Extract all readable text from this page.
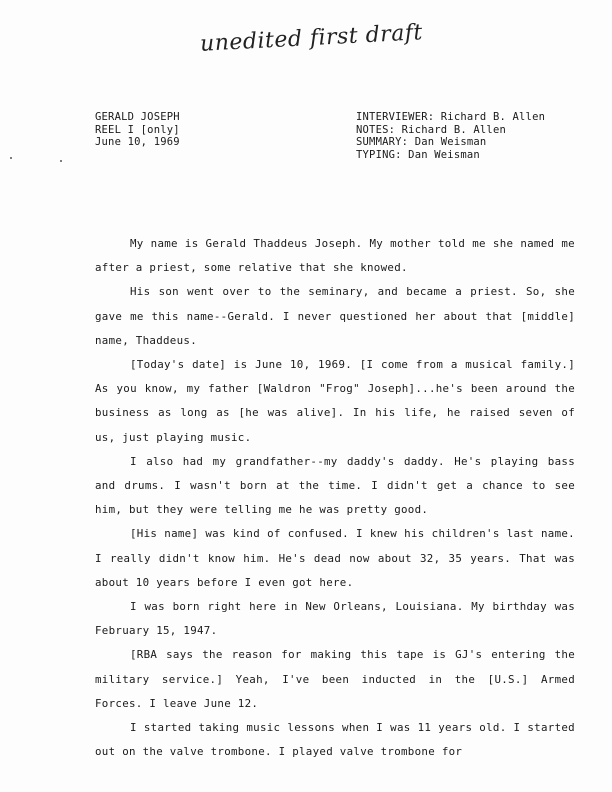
unedited first draft
GERALD JOSEPH
REEL I [only]
June 10, 1969
INTERVIEWER: Richard B. Allen
NOTES: Richard B. Allen
SUMMARY: Dan Weisman
TYPING: Dan Weisman

My name is Gerald Thaddeus Joseph. My mother told me she named me after a priest, some relative that she knowed.

His son went over to the seminary, and became a priest. So, she gave me this name--Gerald. I never questioned her about that [middle] name, Thaddeus.

[Today's date] is June 10, 1969. [I come from a musical family.] As you know, my father [Waldron "Frog" Joseph]...he's been around the business as long as [he was alive]. In his life, he raised seven of us, just playing music.

I also had my grandfather--my daddy's daddy. He's playing bass and drums. I wasn't born at the time. I didn't get a chance to see him, but they were telling me he was pretty good.

[His name] was kind of confused. I knew his children's last name. I really didn't know him. He's dead now about 32, 35 years. That was about 10 years before I even got here.

I was born right here in New Orleans, Louisiana. My birthday was February 15, 1947.

[RBA says the reason for making this tape is GJ's entering the military service.] Yeah, I've been inducted in the [U.S.] Armed Forces. I leave June 12.

I started taking music lessons when I was 11 years old. I started out on the valve trombone. I played valve trombone for
